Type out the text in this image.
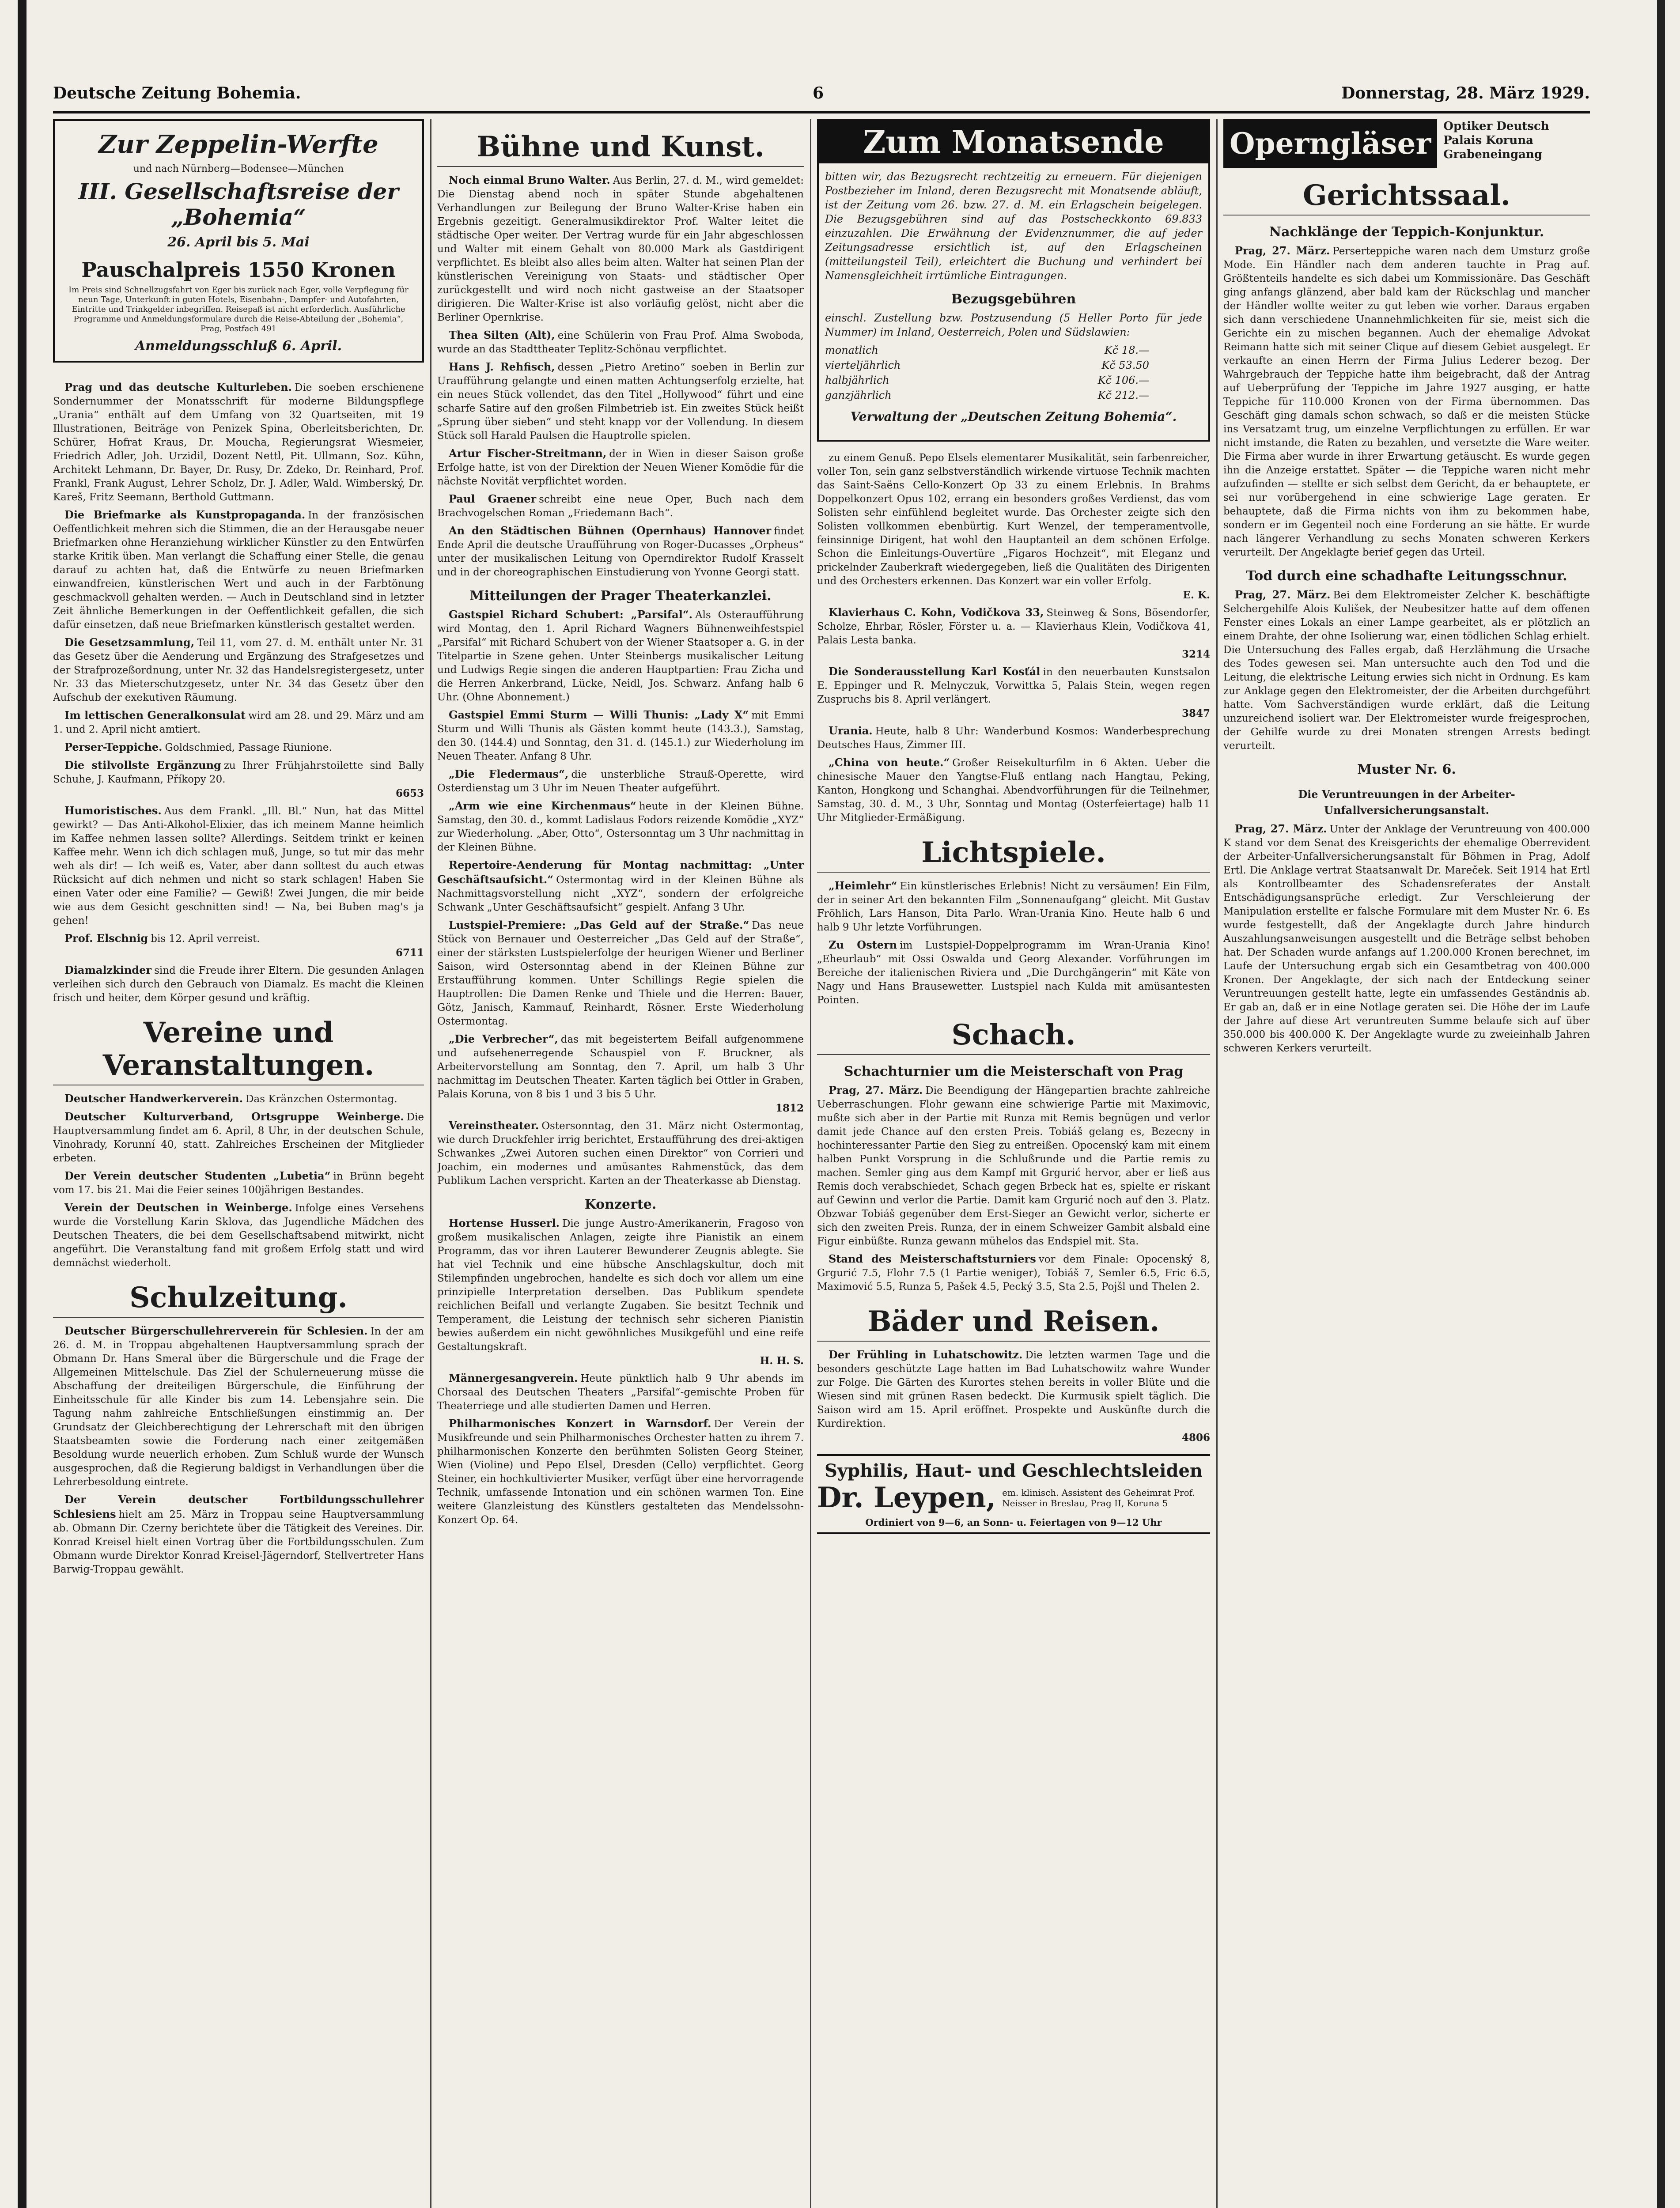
Deutsche Zeitung Bohemia.	6	Donnerstag, 28. März 1929.
Zur Zeppelin-Werfte
und nach Nürnberg—Bodensee—München
III. Gesellschaftsreise der „Bohemia“
26. April bis 5. Mai
Pauschalpreis 1550 Kronen
Im Preis sind Schnellzugsfahrt von Eger bis zurück nach Eger, volle Verpflegung für neun Tage, Unterkunft in guten Hotels, Eisenbahn-, Dampfer- und Autofahrten, Eintritte und Trinkgelder inbegriffen. Reisepaß ist nicht erforderlich. Ausführliche Programme und Anmeldungsformulare durch die Reise-Abteilung der „Bohemia“, Prag, Postfach 491
Anmeldungsschluß 6. April.

Prag und das deutsche Kulturleben. Die soeben erschienene Sondernummer der Monatsschrift für moderne Bildungspflege „Urania“ enthält auf dem Umfang von 32 Quartseiten, mit 19 Illustrationen, Beiträge von Penizek Spina, Oberleitsberichten, Dr. Schürer, Hofrat Kraus, Dr. Moucha, Regierungsrat Wiesmeier, Friedrich Adler, Joh. Urzidil, Dozent Nettl, Pit. Ullmann, Soz. Kühn, Architekt Lehmann, Dr. Bayer, Dr. Rusy, Dr. Zdeko, Dr. Reinhard, Prof. Frankl, Frank August, Lehrer Scholz, Dr. J. Adler, Wald. Wimberský, Dr. Kareš, Fritz Seemann, Berthold Guttmann.

Die Briefmarke als Kunstpropaganda. In der französischen Oeffentlichkeit mehren sich die Stimmen, die an der Herausgabe neuer Briefmarken ohne Heranziehung wirklicher Künstler zu den Entwürfen starke Kritik üben. Man verlangt die Schaffung einer Stelle, die genau darauf zu achten hat, daß die Entwürfe zu neuen Briefmarken einwandfreien, künstlerischen Wert und auch in der Farbtönung geschmackvoll gehalten werden. — Auch in Deutschland sind in letzter Zeit ähnliche Bemerkungen in der Oeffentlichkeit gefallen, die sich dafür einsetzen, daß neue Briefmarken künstlerisch gestaltet werden.

Die Gesetzsammlung, Teil 11, vom 27. d. M. enthält unter Nr. 31 das Gesetz über die Aenderung und Ergänzung des Strafgesetzes und der Strafprozeßordnung, unter Nr. 32 das Handelsregistergesetz, unter Nr. 33 das Mieterschutzgesetz, unter Nr. 34 das Gesetz über den Aufschub der exekutiven Räumung.

Im lettischen Generalkonsulat wird am 28. und 29. März und am 1. und 2. April nicht amtiert.

Perser-Teppiche. Goldschmied, Passage Riunione.

Die stilvollste Ergänzung zu Ihrer Frühjahrstoilette sind Bally Schuhe, J. Kaufmann, Příkopy 20.
6653

Humoristisches. Aus dem Frankl. „Ill. Bl.“ Nun, hat das Mittel gewirkt? — Das Anti-Alkohol-Elixier, das ich meinem Manne heimlich im Kaffee nehmen lassen sollte? Allerdings. Seitdem trinkt er keinen Kaffee mehr. Wenn ich dich schlagen muß, Junge, so tut mir das mehr weh als dir! — Ich weiß es, Vater, aber dann solltest du auch etwas Rücksicht auf dich nehmen und nicht so stark schlagen! Haben Sie einen Vater oder eine Familie? — Gewiß! Zwei Jungen, die mir beide wie aus dem Gesicht geschnitten sind! — Na, bei Buben mag's ja gehen!

Prof. Elschnig bis 12. April verreist.
6711

Diamalzkinder sind die Freude ihrer Eltern. Die gesunden Anlagen verleihen sich durch den Gebrauch von Diamalz. Es macht die Kleinen frisch und heiter, dem Körper gesund und kräftig.

Vereine und Veranstaltungen.

Deutscher Handwerkerverein. Das Kränzchen Ostermontag.

Deutscher Kulturverband, Ortsgruppe Weinberge. Die Hauptversammlung findet am 6. April, 8 Uhr, in der deutschen Schule, Vinohrady, Korunní 40, statt. Zahlreiches Erscheinen der Mitglieder erbeten.

Der Verein deutscher Studenten „Lubetia“ in Brünn begeht vom 17. bis 21. Mai die Feier seines 100jährigen Bestandes.

Verein der Deutschen in Weinberge. Infolge eines Versehens wurde die Vorstellung Karin Sklova, das Jugendliche Mädchen des Deutschen Theaters, die bei dem Gesellschaftsabend mitwirkt, nicht angeführt. Die Veranstaltung fand mit großem Erfolg statt und wird demnächst wiederholt.

Schulzeitung.

Deutscher Bürgerschullehrerverein für Schlesien. In der am 26. d. M. in Troppau abgehaltenen Hauptversammlung sprach der Obmann Dr. Hans Smeral über die Bürgerschule und die Frage der Allgemeinen Mittelschule. Das Ziel der Schulerneuerung müsse die Abschaffung der dreiteiligen Bürgerschule, die Einführung der Einheitsschule für alle Kinder bis zum 14. Lebensjahre sein. Die Tagung nahm zahlreiche Entschließungen einstimmig an. Der Grundsatz der Gleichberechtigung der Lehrerschaft mit den übrigen Staatsbeamten sowie die Forderung nach einer zeitgemäßen Besoldung wurde neuerlich erhoben. Zum Schluß wurde der Wunsch ausgesprochen, daß die Regierung baldigst in Verhandlungen über die Lehrerbesoldung eintrete.

Der Verein deutscher Fortbildungsschullehrer Schlesiens hielt am 25. März in Troppau seine Hauptversammlung ab. Obmann Dir. Czerny berichtete über die Tätigkeit des Vereines. Dir. Konrad Kreisel hielt einen Vortrag über die Fortbildungsschulen. Zum Obmann wurde Direktor Konrad Kreisel-Jägerndorf, Stellvertreter Hans Barwig-Troppau gewählt.

Bühne und Kunst.

Noch einmal Bruno Walter. Aus Berlin, 27. d. M., wird gemeldet: Die Dienstag abend noch in später Stunde abgehaltenen Verhandlungen zur Beilegung der Bruno Walter-Krise haben ein Ergebnis gezeitigt. Generalmusikdirektor Prof. Walter leitet die städtische Oper weiter. Der Vertrag wurde für ein Jahr abgeschlossen und Walter mit einem Gehalt von 80.000 Mark als Gastdirigent verpflichtet. Es bleibt also alles beim alten. Walter hat seinen Plan der künstlerischen Vereinigung von Staats- und städtischer Oper zurückgestellt und wird noch nicht gastweise an der Staatsoper dirigieren. Die Walter-Krise ist also vorläufig gelöst, nicht aber die Berliner Opernkrise.

Thea Silten (Alt), eine Schülerin von Frau Prof. Alma Swoboda, wurde an das Stadttheater Teplitz-Schönau verpflichtet.

Hans J. Rehfisch, dessen „Pietro Aretino“ soeben in Berlin zur Uraufführung gelangte und einen matten Achtungserfolg erzielte, hat ein neues Stück vollendet, das den Titel „Hollywood“ führt und eine scharfe Satire auf den großen Filmbetrieb ist. Ein zweites Stück heißt „Sprung über sieben“ und steht knapp vor der Vollendung. In diesem Stück soll Harald Paulsen die Hauptrolle spielen.

Artur Fischer-Streitmann, der in Wien in dieser Saison große Erfolge hatte, ist von der Direktion der Neuen Wiener Komödie für die nächste Novität verpflichtet worden.

Paul Graener schreibt eine neue Oper, Buch nach dem Brachvogelschen Roman „Friedemann Bach“.

An den Städtischen Bühnen (Opernhaus) Hannover findet Ende April die deutsche Uraufführung von Roger-Ducasses „Orpheus“ unter der musikalischen Leitung von Operndirektor Rudolf Krasselt und in der choreographischen Einstudierung von Yvonne Georgi statt.

Mitteilungen der Prager Theaterkanzlei.

Gastspiel Richard Schubert: „Parsifal“. Als Osteraufführung wird Montag, den 1. April Richard Wagners Bühnenweihfestspiel „Parsifal“ mit Richard Schubert von der Wiener Staatsoper a. G. in der Titelpartie in Szene gehen. Unter Steinbergs musikalischer Leitung und Ludwigs Regie singen die anderen Hauptpartien: Frau Zicha und die Herren Ankerbrand, Lücke, Neidl, Jos. Schwarz. Anfang halb 6 Uhr. (Ohne Abonnement.)

Gastspiel Emmi Sturm — Willi Thunis: „Lady X“ mit Emmi Sturm und Willi Thunis als Gästen kommt heute (143.3.), Samstag, den 30. (144.4) und Sonntag, den 31. d. (145.1.) zur Wiederholung im Neuen Theater. Anfang 8 Uhr.

„Die Fledermaus“, die unsterbliche Strauß-Operette, wird Osterdienstag um 3 Uhr im Neuen Theater aufgeführt.

„Arm wie eine Kirchenmaus“ heute in der Kleinen Bühne. Samstag, den 30. d., kommt Ladislaus Fodors reizende Komödie „XYZ“ zur Wiederholung. „Aber, Otto“, Ostersonntag um 3 Uhr nachmittag in der Kleinen Bühne.

Repertoire-Aenderung für Montag nachmittag: „Unter Geschäftsaufsicht.“ Ostermontag wird in der Kleinen Bühne als Nachmittagsvorstellung nicht „XYZ“, sondern der erfolgreiche Schwank „Unter Geschäftsaufsicht“ gespielt. Anfang 3 Uhr.

Lustspiel-Premiere: „Das Geld auf der Straße.“ Das neue Stück von Bernauer und Oesterreicher „Das Geld auf der Straße“, einer der stärksten Lustspielerfolge der heurigen Wiener und Berliner Saison, wird Ostersonntag abend in der Kleinen Bühne zur Erstaufführung kommen. Unter Schillings Regie spielen die Hauptrollen: Die Damen Renke und Thiele und die Herren: Bauer, Götz, Janisch, Kammauf, Reinhardt, Rösner. Erste Wiederholung Ostermontag.

„Die Verbrecher“, das mit begeistertem Beifall aufgenommene und aufsehenerregende Schauspiel von F. Bruckner, als Arbeitervorstellung am Sonntag, den 7. April, um halb 3 Uhr nachmittag im Deutschen Theater. Karten täglich bei Ottler in Graben, Palais Koruna, von 8 bis 1 und 3 bis 5 Uhr.
1812

Vereinstheater. Ostersonntag, den 31. März nicht Ostermontag, wie durch Druckfehler irrig berichtet, Erstaufführung des drei-aktigen Schwankes „Zwei Autoren suchen einen Direktor“ von Corrieri und Joachim, ein modernes und amüsantes Rahmenstück, das dem Publikum Lachen verspricht. Karten an der Theaterkasse ab Dienstag.

Konzerte.

Hortense Husserl. Die junge Austro-Amerikanerin, Fragoso von großem musikalischen Anlagen, zeigte ihre Pianistik an einem Programm, das vor ihren Lauterer Bewunderer Zeugnis ablegte. Sie hat viel Technik und eine hübsche Anschlagskultur, doch mit Stilempfinden ungebrochen, handelte es sich doch vor allem um eine prinzipielle Interpretation derselben. Das Publikum spendete reichlichen Beifall und verlangte Zugaben. Sie besitzt Technik und Temperament, die Leistung der technisch sehr sicheren Pianistin bewies außerdem ein nicht gewöhnliches Musikgefühl und eine reife Gestaltungskraft.
H. H. S.

Männergesangverein. Heute pünktlich halb 9 Uhr abends im Chorsaal des Deutschen Theaters „Parsifal“-gemischte Proben für Theaterriege und alle studierten Damen und Herren.

Philharmonisches Konzert in Warnsdorf. Der Verein der Musikfreunde und sein Philharmonisches Orchester hatten zu ihrem 7. philharmonischen Konzerte den berühmten Solisten Georg Steiner, Wien (Violine) und Pepo Elsel, Dresden (Cello) verpflichtet. Georg Steiner, ein hochkultivierter Musiker, verfügt über eine hervorragende Technik, umfassende Intonation und ein schönen warmen Ton. Eine weitere Glanzleistung des Künstlers gestalteten das Mendelssohn-Konzert Op. 64.

Zum Monatsende
bitten wir, das Bezugsrecht rechtzeitig zu erneuern. Für diejenigen Postbezieher im Inland, deren Bezugsrecht mit Monatsende abläuft, ist der Zeitung vom 26. bzw. 27. d. M. ein Erlagschein beigelegen. Die Bezugsgebühren sind auf das Postscheckkonto 69.833 einzuzahlen. Die Erwähnung der Evidenznummer, die auf jeder Zeitungsadresse ersichtlich ist, auf den Erlagscheinen (mitteilungsteil Teil), erleichtert die Buchung und verhindert bei Namensgleichheit irrtümliche Eintragungen.
Bezugsgebühren
einschl. Zustellung bzw. Postzusendung (5 Heller Porto für jede Nummer) im Inland, Oesterreich, Polen und Südslawien:
monatlich	Kč 18.—
vierteljährlich	Kč 53.50
halbjährlich	Kč 106.—
ganzjährlich	Kč 212.—
Verwaltung der „Deutschen Zeitung Bohemia“.

zu einem Genuß. Pepo Elsels elementarer Musikalität, sein farbenreicher, voller Ton, sein ganz selbstverständlich wirkende virtuose Technik machten das Saint-Saëns Cello-Konzert Op 33 zu einem Erlebnis. In Brahms Doppelkonzert Opus 102, errang ein besonders großes Verdienst, das vom Solisten sehr einfühlend begleitet wurde. Das Orchester zeigte sich den Solisten vollkommen ebenbürtig. Kurt Wenzel, der temperamentvolle, feinsinnige Dirigent, hat wohl den Hauptanteil an dem schönen Erfolge. Schon die Einleitungs-Ouvertüre „Figaros Hochzeit“, mit Eleganz und prickelnder Zauberkraft wiedergegeben, ließ die Qualitäten des Dirigenten und des Orchesters erkennen. Das Konzert war ein voller Erfolg.
E. K.

Klavierhaus C. Kohn, Vodičkova 33, Steinweg & Sons, Bösendorfer, Scholze, Ehrbar, Rösler, Förster u. a. — Klavierhaus Klein, Vodičkova 41, Palais Lesta banka.
3214

Die Sonderausstellung Karl Kosťál in den neuerbauten Kunstsalon E. Eppinger und R. Melnyczuk, Vorwittka 5, Palais Stein, wegen regen Zuspruchs bis 8. April verlängert.
3847

Urania. Heute, halb 8 Uhr: Wanderbund Kosmos: Wanderbesprechung Deutsches Haus, Zimmer III.

„China von heute.“ Großer Reisekulturfilm in 6 Akten. Ueber die chinesische Mauer den Yangtse-Fluß entlang nach Hangtau, Peking, Kanton, Hongkong und Schanghai. Abendvorführungen für die Teilnehmer, Samstag, 30. d. M., 3 Uhr, Sonntag und Montag (Osterfeiertage) halb 11 Uhr Mitglieder-Ermäßigung.

Lichtspiele.

„Heimlehr“ Ein künstlerisches Erlebnis! Nicht zu versäumen! Ein Film, der in seiner Art den bekannten Film „Sonnenaufgang“ gleicht. Mit Gustav Fröhlich, Lars Hanson, Dita Parlo. Wran-Urania Kino. Heute halb 6 und halb 9 Uhr letzte Vorführungen.

Zu Ostern im Lustspiel-Doppelprogramm im Wran-Urania Kino! „Eheurlaub“ mit Ossi Oswalda und Georg Alexander. Vorführungen im Bereiche der italienischen Riviera und „Die Durchgängerin“ mit Käte von Nagy und Hans Brausewetter. Lustspiel nach Kulda mit amüsantesten Pointen.

Schach.
Schachturnier um die Meisterschaft von Prag

Prag, 27. März. Die Beendigung der Hängepartien brachte zahlreiche Ueberraschungen. Flohr gewann eine schwierige Partie mit Maximovic, mußte sich aber in der Partie mit Runza mit Remis begnügen und verlor damit jede Chance auf den ersten Preis. Tobiáš gelang es, Bezecny in hochinteressanter Partie den Sieg zu entreißen. Opocenský kam mit einem halben Punkt Vorsprung in die Schlußrunde und die Partie remis zu machen. Semler ging aus dem Kampf mit Grgurić hervor, aber er ließ aus Remis doch verabschiedet, Schach gegen Brbeck hat es, spielte er riskant auf Gewinn und verlor die Partie. Damit kam Grgurić noch auf den 3. Platz. Obzwar Tobiáš gegenüber dem Erst-Sieger an Gewicht verlor, sicherte er sich den zweiten Preis. Runza, der in einem Schweizer Gambit alsbald eine Figur einbüßte. Runza gewann mühelos das Endspiel mit. Sta.

Stand des Meisterschaftsturniers vor dem Finale: Opocenský 8, Grgurić 7.5, Flohr 7.5 (1 Partie weniger), Tobiáš 7, Semler 6.5, Fric 6.5, Maximović 5.5, Runza 5, Pašek 4.5, Pecký 3.5, Sta 2.5, Pojšl und Thelen 2.

Bäder und Reisen.

Der Frühling in Luhatschowitz. Die letzten warmen Tage und die besonders geschützte Lage hatten im Bad Luhatschowitz wahre Wunder zur Folge. Die Gärten des Kurortes stehen bereits in voller Blüte und die Wiesen sind mit grünen Rasen bedeckt. Die Kurmusik spielt täglich. Die Saison wird am 15. April eröffnet. Prospekte und Auskünfte durch die Kurdirektion.
4806

Syphilis, Haut- und Geschlechtsleiden
Dr. Leypen, em. klinisch. Assistent des Geheimrat Prof. Neisser in Breslau, Prag II, Koruna 5
Ordiniert von 9—6, an Sonn- u. Feiertagen von 9—12 Uhr
Operngläser	Optiker Deutsch Palais Koruna Grabeneingang
Gerichtssaal.
Nachklänge der Teppich-Konjunktur.

Prag, 27. März. Perserteppiche waren nach dem Umsturz große Mode. Ein Händler nach dem anderen tauchte in Prag auf. Größtenteils handelte es sich dabei um Kommissionäre. Das Geschäft ging anfangs glänzend, aber bald kam der Rückschlag und mancher der Händler wollte weiter zu gut leben wie vorher. Daraus ergaben sich dann verschiedene Unannehmlichkeiten für sie, meist sich die Gerichte ein zu mischen begannen. Auch der ehemalige Advokat Reimann hatte sich mit seiner Clique auf diesem Gebiet ausgelegt. Er verkaufte an einen Herrn der Firma Julius Lederer bezog. Der Wahrgebrauch der Teppiche hatte ihm beigebracht, daß der Antrag auf Ueberprüfung der Teppiche im Jahre 1927 ausging, er hatte Teppiche für 110.000 Kronen von der Firma übernommen. Das Geschäft ging damals schon schwach, so daß er die meisten Stücke ins Versatzamt trug, um einzelne Verpflichtungen zu erfüllen. Er war nicht imstande, die Raten zu bezahlen, und versetzte die Ware weiter. Die Firma aber wurde in ihrer Erwartung getäuscht. Es wurde gegen ihn die Anzeige erstattet. Später — die Teppiche waren nicht mehr aufzufinden — stellte er sich selbst dem Gericht, da er behauptete, er sei nur vorübergehend in eine schwierige Lage geraten. Er behauptete, daß die Firma nichts von ihm zu bekommen habe, sondern er im Gegenteil noch eine Forderung an sie hätte. Er wurde nach längerer Verhandlung zu sechs Monaten schweren Kerkers verurteilt. Der Angeklagte berief gegen das Urteil.

Tod durch eine schadhafte Leitungsschnur.

Prag, 27. März. Bei dem Elektromeister Zelcher K. beschäftigte Selchergehilfe Alois Kulišek, der Neubesitzer hatte auf dem offenen Fenster eines Lokals an einer Lampe gearbeitet, als er plötzlich an einem Drahte, der ohne Isolierung war, einen tödlichen Schlag erhielt. Die Untersuchung des Falles ergab, daß Herzlähmung die Ursache des Todes gewesen sei. Man untersuchte auch den Tod und die Leitung, die elektrische Leitung erwies sich nicht in Ordnung. Es kam zur Anklage gegen den Elektromeister, der die Arbeiten durchgeführt hatte. Vom Sachverständigen wurde erklärt, daß die Leitung unzureichend isoliert war. Der Elektromeister wurde freigesprochen, der Gehilfe wurde zu drei Monaten strengen Arrests bedingt verurteilt.

Muster Nr. 6.
Die Veruntreuungen in der Arbeiter-Unfallversicherungsanstalt.

Prag, 27. März. Unter der Anklage der Veruntreuung von 400.000 K stand vor dem Senat des Kreisgerichts der ehemalige Oberrevident der Arbeiter-Unfallversicherungsanstalt für Böhmen in Prag, Adolf Ertl. Die Anklage vertrat Staatsanwalt Dr. Mareček. Seit 1914 hat Ertl als Kontrollbeamter des Schadensreferates der Anstalt Entschädigungsansprüche erledigt. Zur Verschleierung der Manipulation erstellte er falsche Formulare mit dem Muster Nr. 6. Es wurde festgestellt, daß der Angeklagte durch Jahre hindurch Auszahlungsanweisungen ausgestellt und die Beträge selbst behoben hat. Der Schaden wurde anfangs auf 1.200.000 Kronen berechnet, im Laufe der Untersuchung ergab sich ein Gesamtbetrag von 400.000 Kronen. Der Angeklagte, der sich nach der Entdeckung seiner Veruntreuungen gestellt hatte, legte ein umfassendes Geständnis ab. Er gab an, daß er in eine Notlage geraten sei. Die Höhe der im Laufe der Jahre auf diese Art veruntreuten Summe belaufe sich auf über 350.000 bis 400.000 K. Der Angeklagte wurde zu zweieinhalb Jahren schweren Kerkers verurteilt.
